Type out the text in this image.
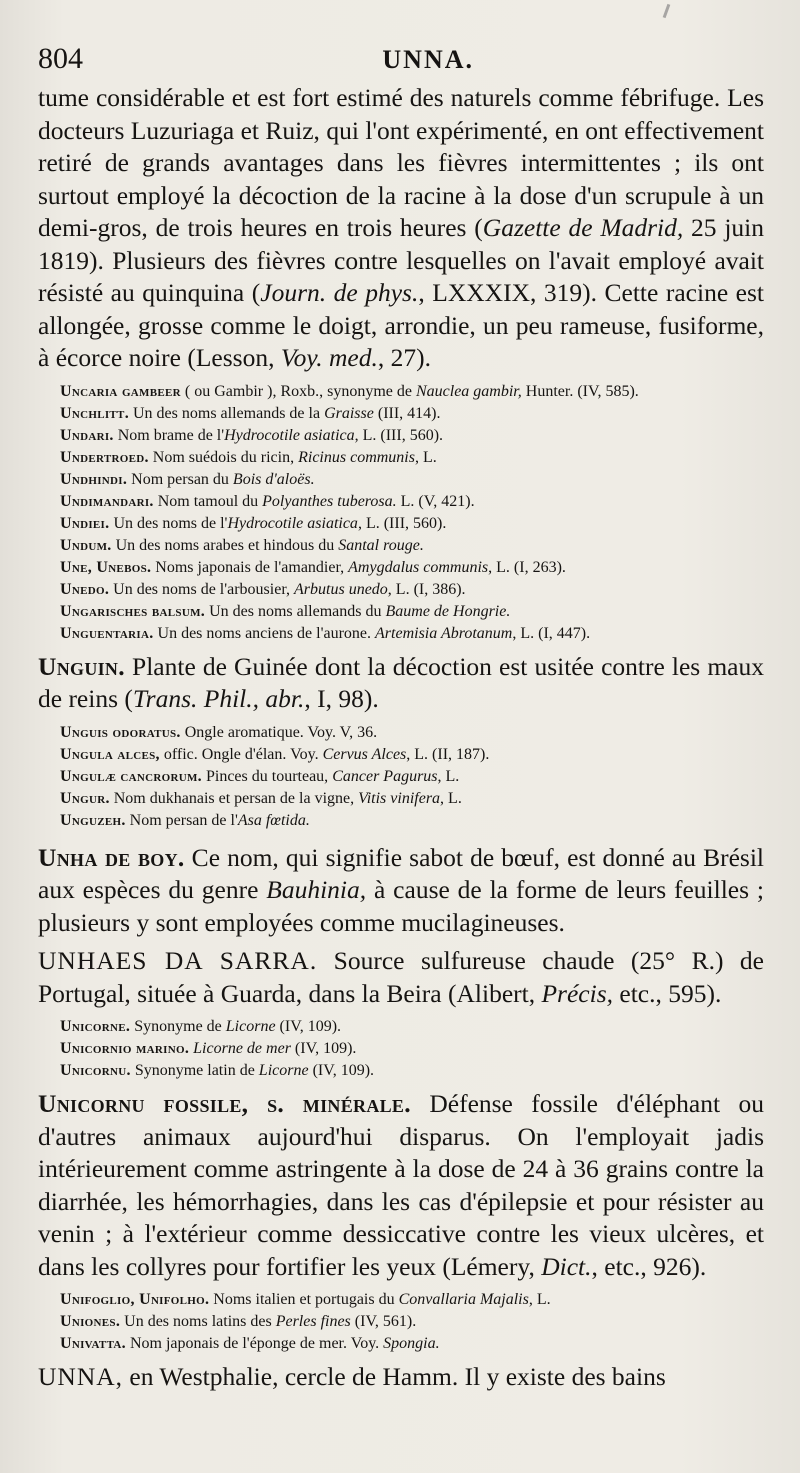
804	UNNA.

tume considérable et est fort estimé des naturels comme fébrifuge. Les docteurs Luzuriaga et Ruiz, qui l'ont expérimenté, en ont effectivement retiré de grands avantages dans les fièvres intermittentes ; ils ont surtout employé la décoction de la racine à la dose d'un scrupule à un demi-gros, de trois heures en trois heures (Gazette de Madrid, 25 juin 1819). Plusieurs des fièvres contre lesquelles on l'avait employé avait résisté au quinquina (Journ. de phys., LXXXIX, 319). Cette racine est allongée, grosse comme le doigt, arrondie, un peu rameuse, fusiforme, à écorce noire (Lesson, Voy. med., 27).

Uncaria gambeer ( ou Gambir ), Roxb., synonyme de Nauclea gambir, Hunter. (IV, 585).

Unchlitt. Un des noms allemands de la Graisse (III, 414).

Undari. Nom brame de l'Hydrocotile asiatica, L. (III, 560).

Undertroed. Nom suédois du ricin, Ricinus communis, L.

Undhindi. Nom persan du Bois d'aloës.

Undimandari. Nom tamoul du Polyanthes tuberosa. L. (V, 421).

Undiei. Un des noms de l'Hydrocotile asiatica, L. (III, 560).

Undum. Un des noms arabes et hindous du Santal rouge.

Une, Unebos. Noms japonais de l'amandier, Amygdalus communis, L. (I, 263).

Unedo. Un des noms de l'arbousier, Arbutus unedo, L. (I, 386).

Ungarisches balsum. Un des noms allemands du Baume de Hongrie.

Unguentaria. Un des noms anciens de l'aurone. Artemisia Abrotanum, L. (I, 447).

Unguin. Plante de Guinée dont la décoction est usitée contre les maux de reins (Trans. Phil., abr., I, 98).

Unguis odoratus. Ongle aromatique. Voy. V, 36.

Ungula alces, offic. Ongle d'élan. Voy. Cervus Alces, L. (II, 187).

Ungulæ cancrorum. Pinces du tourteau, Cancer Pagurus, L.

Ungur. Nom dukhanais et persan de la vigne, Vitis vinifera, L.

Unguzeh. Nom persan de l'Asa fœtida.

Unha de boy. Ce nom, qui signifie sabot de bœuf, est donné au Brésil aux espèces du genre Bauhinia, à cause de la forme de leurs feuilles ; plusieurs y sont employées comme mucilagineuses.

UNHAES DA SARRA. Source sulfureuse chaude (25° R.) de Portugal, située à Guarda, dans la Beira (Alibert, Précis, etc., 595).

Unicorne. Synonyme de Licorne (IV, 109).

Unicornio marino. Licorne de mer (IV, 109).

Unicornu. Synonyme latin de Licorne (IV, 109).

Unicornu fossile, s. minérale. Défense fossile d'éléphant ou d'autres animaux aujourd'hui disparus. On l'employait jadis intérieurement comme astringente à la dose de 24 à 36 grains contre la diarrhée, les hémorrhagies, dans les cas d'épilepsie et pour résister au venin ; à l'extérieur comme dessiccative contre les vieux ulcères, et dans les collyres pour fortifier les yeux (Lémery, Dict., etc., 926).

Unifoglio, Unifolho. Noms italien et portugais du Convallaria Majalis, L.

Uniones. Un des noms latins des Perles fines (IV, 561).

Univatta. Nom japonais de l'éponge de mer. Voy. Spongia.

UNNA, en Westphalie, cercle de Hamm. Il y existe des bains
